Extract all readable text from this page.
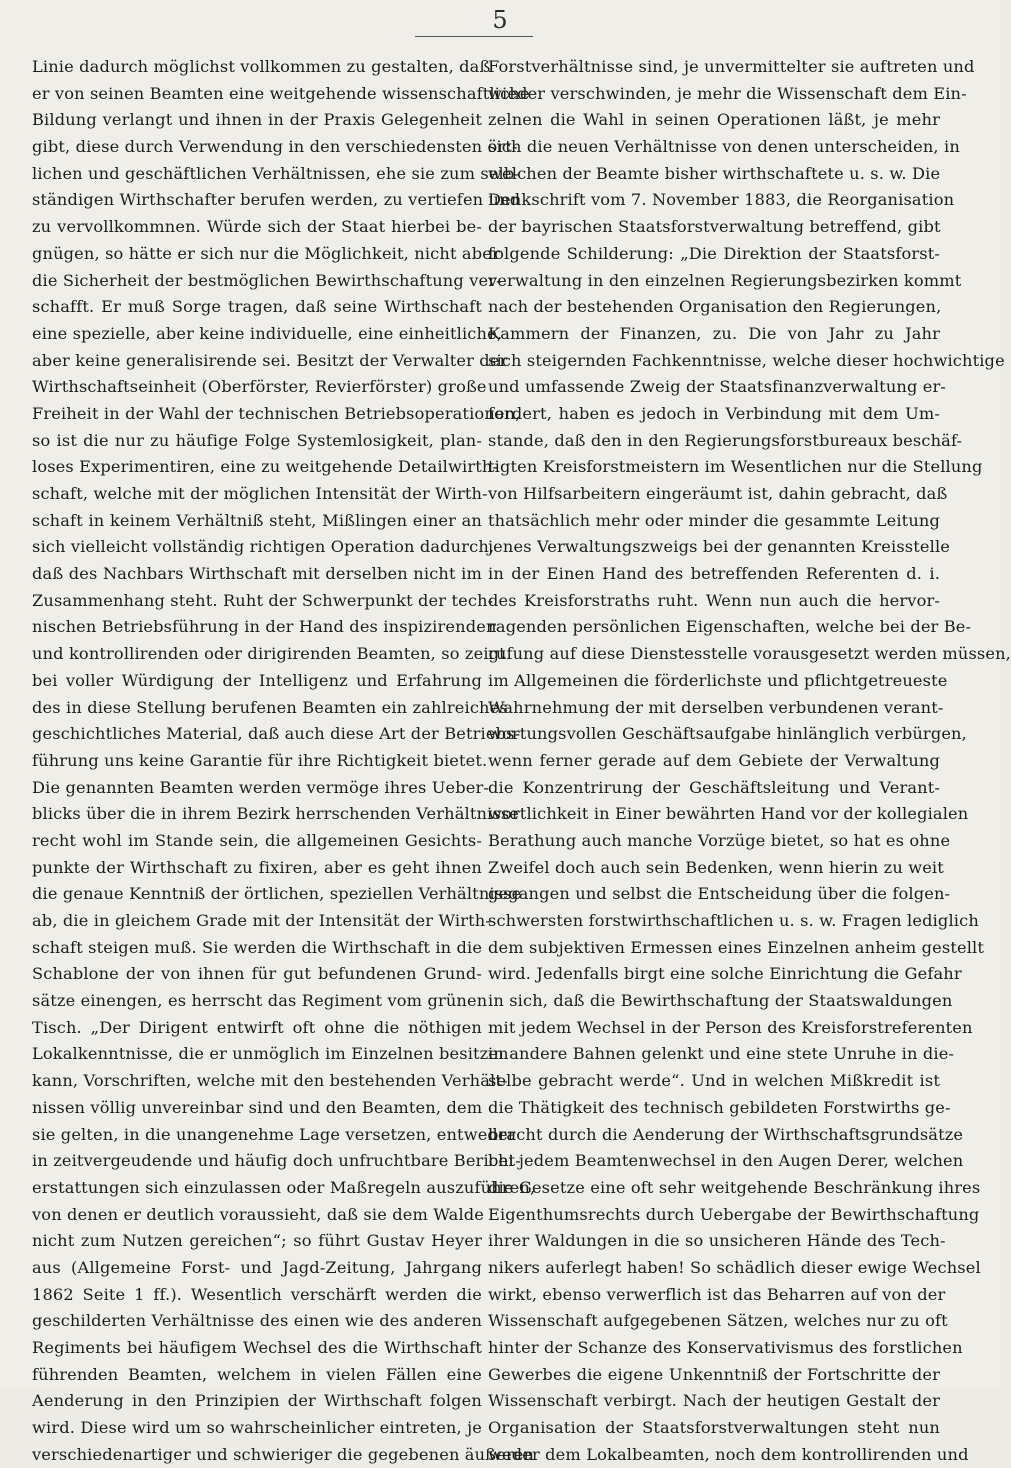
5
Linie dadurch möglichst vollkommen zu gestalten, daß
er von seinen Beamten eine weitgehende wissenschaftliche
Bildung verlangt und ihnen in der Praxis Gelegenheit
gibt, diese durch Verwendung in den verschiedensten ört-
lichen und geschäftlichen Verhältnissen, ehe sie zum selb-
ständigen Wirthschafter berufen werden, zu vertiefen und
zu vervollkommnen. Würde sich der Staat hierbei be-
gnügen, so hätte er sich nur die Möglichkeit, nicht aber
die Sicherheit der bestmöglichen Bewirthschaftung ver-
schafft. Er muß Sorge tragen, daß seine Wirthschaft
eine spezielle, aber keine individuelle, eine einheitliche,
aber keine generalisirende sei. Besitzt der Verwalter der
Wirthschaftseinheit (Oberförster, Revierförster) große
Freiheit in der Wahl der technischen Betriebsoperationen,
so ist die nur zu häufige Folge Systemlosigkeit, plan-
loses Experimentiren, eine zu weitgehende Detailwirth-
schaft, welche mit der möglichen Intensität der Wirth-
schaft in keinem Verhältniß steht, Mißlingen einer an
sich vielleicht vollständig richtigen Operation dadurch,
daß des Nachbars Wirthschaft mit derselben nicht im
Zusammenhang steht. Ruht der Schwerpunkt der tech-
nischen Betriebsführung in der Hand des inspizirenden
und kontrollirenden oder dirigirenden Beamten, so zeigt
bei voller Würdigung der Intelligenz und Erfahrung
des in diese Stellung berufenen Beamten ein zahlreiches
geschichtliches Material, daß auch diese Art der Betriebs-
führung uns keine Garantie für ihre Richtigkeit bietet.
Die genannten Beamten werden vermöge ihres Ueber-
blicks über die in ihrem Bezirk herrschenden Verhältnisse
recht wohl im Stande sein, die allgemeinen Gesichts-
punkte der Wirthschaft zu fixiren, aber es geht ihnen
die genaue Kenntniß der örtlichen, speziellen Verhältnisse
ab, die in gleichem Grade mit der Intensität der Wirth-
schaft steigen muß. Sie werden die Wirthschaft in die
Schablone der von ihnen für gut befundenen Grund-
sätze einengen, es herrscht das Regiment vom grünen
Tisch. „Der Dirigent entwirft oft ohne die nöthigen
Lokalkenntnisse, die er unmöglich im Einzelnen besitzen
kann, Vorschriften, welche mit den bestehenden Verhält-
nissen völlig unvereinbar sind und den Beamten, dem
sie gelten, in die unangenehme Lage versetzen, entweder
in zeitvergeudende und häufig doch unfruchtbare Bericht-
erstattungen sich einzulassen oder Maßregeln auszuführen,
von denen er deutlich voraussieht, daß sie dem Walde
nicht zum Nutzen gereichen“; so führt Gustav Heyer
aus (Allgemeine Forst- und Jagd-Zeitung, Jahrgang
1862 Seite 1 ff.). Wesentlich verschärft werden die
geschilderten Verhältnisse des einen wie des anderen
Regiments bei häufigem Wechsel des die Wirthschaft
führenden Beamten, welchem in vielen Fällen eine
Aenderung in den Prinzipien der Wirthschaft folgen
wird. Diese wird um so wahrscheinlicher eintreten, je
verschiedenartiger und schwieriger die gegebenen äußeren
Forstverhältnisse sind, je unvermittelter sie auftreten und
wieder verschwinden, je mehr die Wissenschaft dem Ein-
zelnen die Wahl in seinen Operationen läßt, je mehr
sich die neuen Verhältnisse von denen unterscheiden, in
welchen der Beamte bisher wirthschaftete u. s. w. Die
Denkschrift vom 7. November 1883, die Reorganisation
der bayrischen Staatsforstverwaltung betreffend, gibt
folgende Schilderung: „Die Direktion der Staatsforst-
verwaltung in den einzelnen Regierungsbezirken kommt
nach der bestehenden Organisation den Regierungen,
Kammern der Finanzen, zu. Die von Jahr zu Jahr
sich steigernden Fachkenntnisse, welche dieser hochwichtige
und umfassende Zweig der Staatsfinanzverwaltung er-
fordert, haben es jedoch in Verbindung mit dem Um-
stande, daß den in den Regierungsforstbureaux beschäf-
tigten Kreisforstmeistern im Wesentlichen nur die Stellung
von Hilfsarbeitern eingeräumt ist, dahin gebracht, daß
thatsächlich mehr oder minder die gesammte Leitung
jenes Verwaltungszweigs bei der genannten Kreisstelle
in der Einen Hand des betreffenden Referenten d. i.
des Kreisforstraths ruht. Wenn nun auch die hervor-
ragenden persönlichen Eigenschaften, welche bei der Be-
rufung auf diese Dienstesstelle vorausgesetzt werden müssen,
im Allgemeinen die förderlichste und pflichtgetreueste
Wahrnehmung der mit derselben verbundenen verant-
wortungsvollen Geschäftsaufgabe hinlänglich verbürgen,
wenn ferner gerade auf dem Gebiete der Verwaltung
die Konzentrirung der Geschäftsleitung und Verant-
wortlichkeit in Einer bewährten Hand vor der kollegialen
Berathung auch manche Vorzüge bietet, so hat es ohne
Zweifel doch auch sein Bedenken, wenn hierin zu weit
gegangen und selbst die Entscheidung über die folgen-
schwersten forstwirthschaftlichen u. s. w. Fragen lediglich
dem subjektiven Ermessen eines Einzelnen anheim gestellt
wird. Jedenfalls birgt eine solche Einrichtung die Gefahr
in sich, daß die Bewirthschaftung der Staatswaldungen
mit jedem Wechsel in der Person des Kreisforstreferenten
in andere Bahnen gelenkt und eine stete Unruhe in die-
selbe gebracht werde“. Und in welchen Mißkredit ist
die Thätigkeit des technisch gebildeten Forstwirths ge-
bracht durch die Aenderung der Wirthschaftsgrundsätze
bei jedem Beamtenwechsel in den Augen Derer, welchen
die Gesetze eine oft sehr weitgehende Beschränkung ihres
Eigenthumsrechts durch Uebergabe der Bewirthschaftung
ihrer Waldungen in die so unsicheren Hände des Tech-
nikers auferlegt haben! So schädlich dieser ewige Wechsel
wirkt, ebenso verwerflich ist das Beharren auf von der
Wissenschaft aufgegebenen Sätzen, welches nur zu oft
hinter der Schanze des Konservativismus des forstlichen
Gewerbes die eigene Unkenntniß der Fortschritte der
Wissenschaft verbirgt. Nach der heutigen Gestalt der
Organisation der Staatsforstverwaltungen steht nun
weder dem Lokalbeamten, noch dem kontrollirenden und
